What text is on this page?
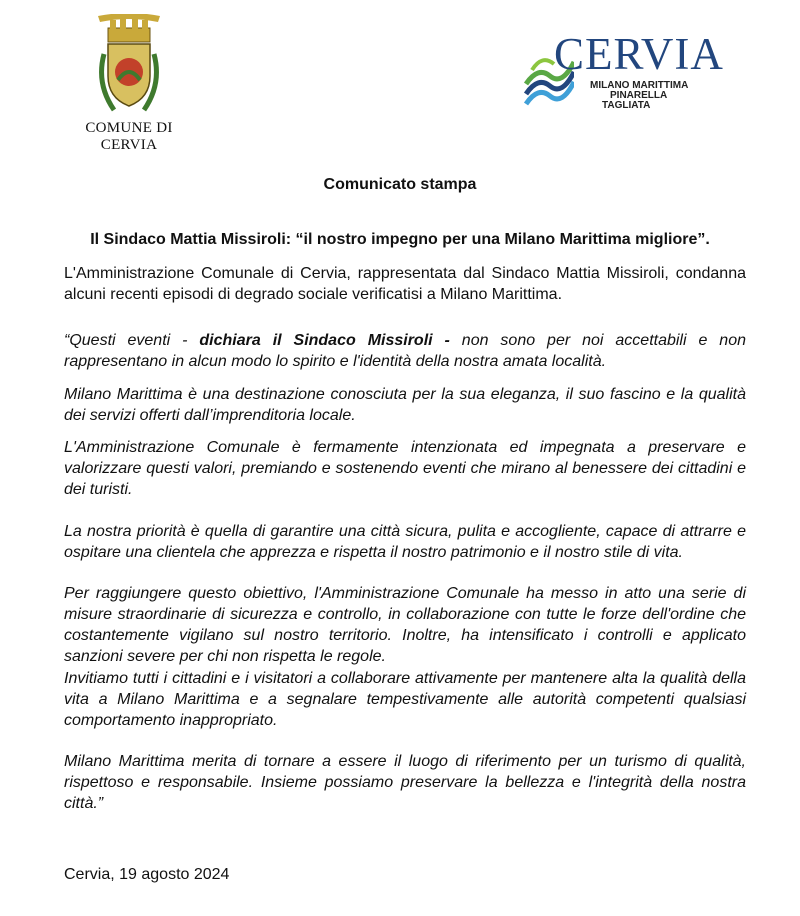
COMUNE DI CERVIA
CERVIA
MILANO MARITTIMA
PINARELLA
TAGLIATA
Comunicato stampa
Il Sindaco Mattia Missiroli: “il nostro impegno per una Milano Marittima migliore”.

L'Amministrazione Comunale di Cervia, rappresentata dal Sindaco Mattia Missiroli, condanna alcuni recenti episodi di degrado sociale verificatisi a Milano Marittima.

“Questi eventi - dichiara il Sindaco Missiroli - non sono per noi accettabili e non rappresentano in alcun modo lo spirito e l'identità della nostra amata località.

Milano Marittima è una destinazione conosciuta per la sua eleganza, il suo fascino e la qualità dei servizi offerti dall’imprenditoria locale.

L'Amministrazione Comunale è fermamente intenzionata ed impegnata a preservare e valorizzare questi valori, premiando e sostenendo eventi che mirano al benessere dei cittadini e dei turisti.

La nostra priorità è quella di garantire una città sicura, pulita e accogliente, capace di attrarre e ospitare una clientela che apprezza e rispetta il nostro patrimonio e il nostro stile di vita.

Per raggiungere questo obiettivo, l'Amministrazione Comunale ha messo in atto una serie di misure straordinarie di sicurezza e controllo, in collaborazione con tutte le forze dell'ordine che costantemente vigilano sul nostro territorio. Inoltre, ha intensificato i controlli e applicato sanzioni severe per chi non rispetta le regole.

Invitiamo tutti i cittadini e i visitatori a collaborare attivamente per mantenere alta la qualità della vita a Milano Marittima e a segnalare tempestivamente alle autorità competenti qualsiasi comportamento inappropriato.

Milano Marittima merita di tornare a essere il luogo di riferimento per un turismo di qualità, rispettoso e responsabile. Insieme possiamo preservare la bellezza e l'integrità della nostra città.”

Cervia, 19 agosto 2024
